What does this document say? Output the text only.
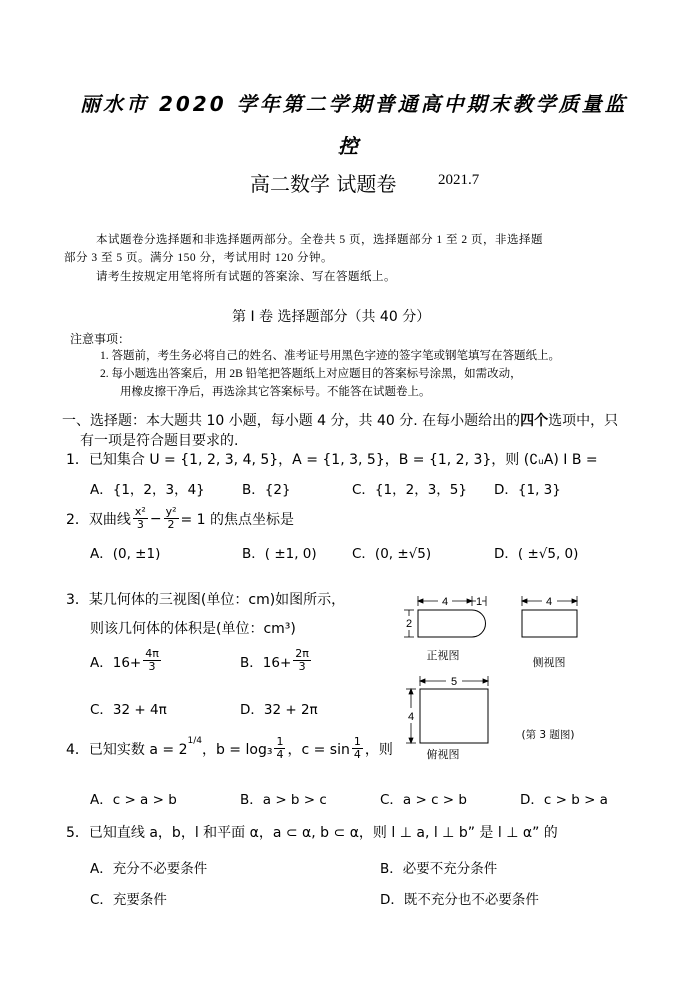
丽水市 2020 学年第二学期普通高中期末教学质量监
控
高二数学 试题卷	2021.7
本试题卷分选择题和非选择题两部分。全卷共 5 页，选择题部分 1 至 2 页，非选择题
部分 3 至 5 页。满分 150 分，考试用时 120 分钟。
请考生按规定用笔将所有试题的答案涂、写在答题纸上。
第 I 卷 选择题部分（共 40 分）
注意事项：
1. 答题前，考生务必将自己的姓名、准考证号用黑色字迹的签字笔或钢笔填写在答题纸上。
2. 每小题选出答案后，用 2B 铅笔把答题纸上对应题目的答案标号涂黑，如需改动，
用橡皮擦干净后，再选涂其它答案标号。不能答在试题卷上。
一、选择题：本大题共 10 小题，每小题 4 分，共 40 分. 在每小题给出的四个选项中，只
有一项是符合题目要求的.
1．已知集合 U = {1, 2, 3, 4, 5}，A = {1, 3, 5}，B = {1, 2, 3}，则 (∁ᵤA) I B =
A．{1，2，3，4}	B．{2}	C．{1，2，3，5} D．{1, 3}
2．双曲线 $\frac{\text{x²}}{3} - \frac{\text{y²}}{2} = 1$ 的焦点坐标是
A．(0, ±1)	B．( ±1, 0)	C．(0, ±√5)	D．( ±√5, 0)
3．某几何体的三视图(单位：cm)如图所示，
则该几何体的体积是(单位：cm³)
A．$16+ \frac{4\pi}{3}$	B．$16+ \frac{2\pi}{3}$
C．32 + 4π	D．32 + 2π
4	1
2
正视图
4
侧视图
5
4
俯视图
(第 3 题图)
4．已知实数 a = 2
$^{1/4}$
，$b = \log_3 \frac{1}{4}$ ，$c = \sin \frac{1}{4}$ ，则
A．c > a > b	B．a > b > c	C．a > c > b	D．c > b > a
5．已知直线 a，b，l 和平面 α，a ⊂ α, b ⊂ α，则 l ⊥ a, l ⊥ b” 是 l ⊥ α” 的
A．充分不必要条件	B．必要不充分条件
C．充要条件	D．既不充分也不必要条件
